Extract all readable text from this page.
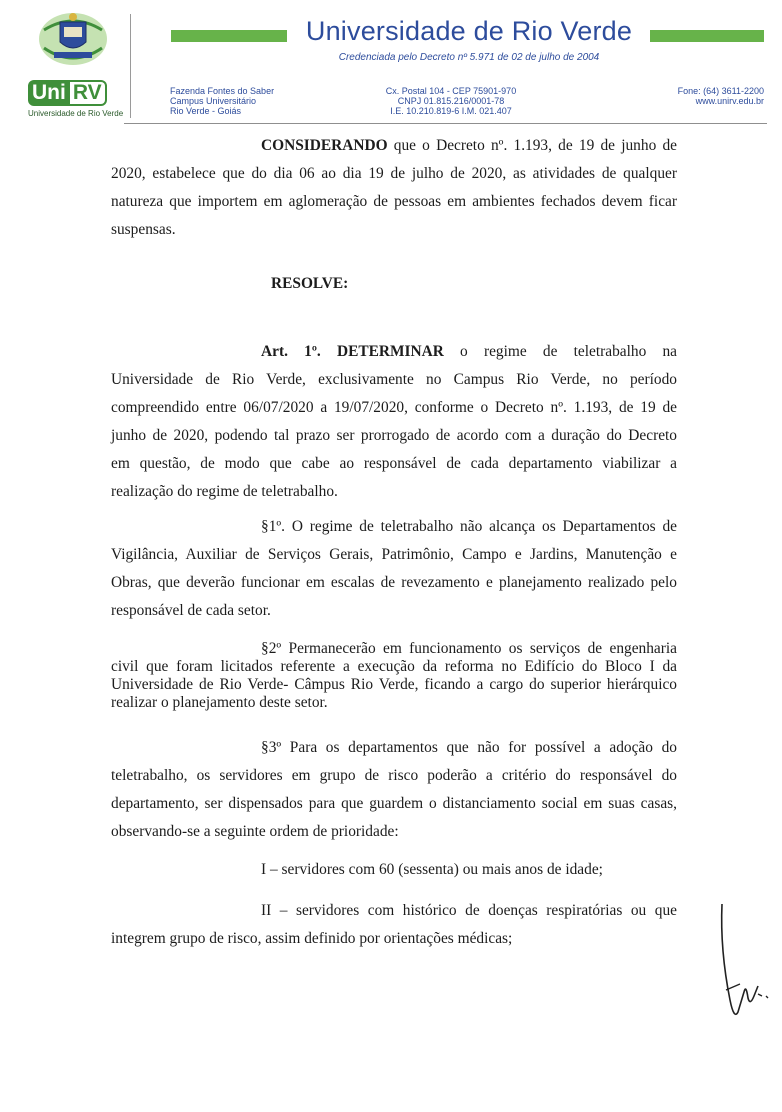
Uni RV
Universidade de Rio Verde
Universidade de Rio Verde
Credenciada pelo Decreto nº 5.971 de 02 de julho de 2004
Fazenda Fontes do Saber
Campus Universitário
Rio Verde - Goiás
Cx. Postal 104 - CEP 75901-970
CNPJ 01.815.216/0001-78
I.E. 10.210.819-6 I.M. 021.407
Fone: (64) 3611-2200
www.unirv.edu.br
CONSIDERANDO que o Decreto nº. 1.193, de 19 de junho de
2020, estabelece que do dia 06 ao dia 19 de julho de 2020, as atividades de qualquer
natureza que importem em aglomeração de pessoas em ambientes fechados devem ficar
suspensas.
RESOLVE:
Art. 1º. DETERMINAR o regime de teletrabalho na
Universidade de Rio Verde, exclusivamente no Campus Rio Verde, no período
compreendido entre 06/07/2020 a 19/07/2020, conforme o Decreto nº. 1.193, de 19 de
junho de 2020, podendo tal prazo ser prorrogado de acordo com a duração do Decreto
em questão, de modo que cabe ao responsável de cada departamento viabilizar a
realização do regime de teletrabalho.
§1º. O regime de teletrabalho não alcança os Departamentos de
Vigilância, Auxiliar de Serviços Gerais, Patrimônio, Campo e Jardins, Manutenção e
Obras, que deverão funcionar em escalas de revezamento e planejamento realizado pelo
responsável de cada setor.
§2º Permanecerão em funcionamento os serviços de engenharia
civil que foram licitados referente a execução da reforma no Edifício do Bloco I da
Universidade de Rio Verde- Câmpus Rio Verde, ficando a cargo do superior hierárquico
realizar o planejamento deste setor.
§3º Para os departamentos que não for possível a adoção do
teletrabalho, os servidores em grupo de risco poderão a critério do responsável do
departamento, ser dispensados para que guardem o distanciamento social em suas casas,
observando-se a seguinte ordem de prioridade:
I – servidores com 60 (sessenta) ou mais anos de idade;
II – servidores com histórico de doenças respiratórias ou que
integrem grupo de risco, assim definido por orientações médicas;
